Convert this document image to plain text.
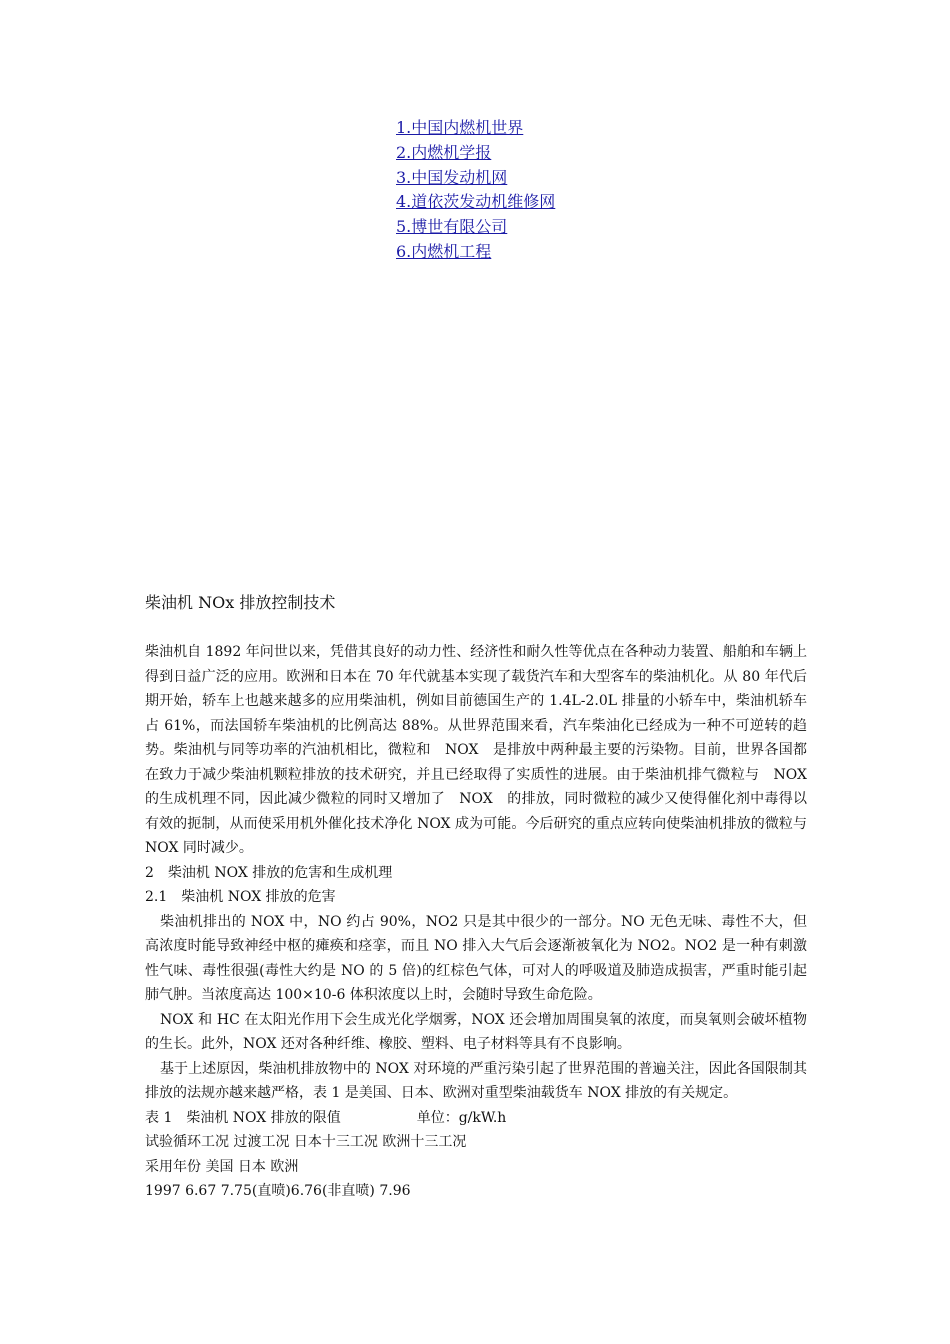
1.中国内燃机世界
2.内燃机学报
3.中国发动机网
4.道依茨发动机维修网
5.博世有限公司
6.内燃机工程
柴油机 NOx 排放控制技术

柴油机自 1892 年问世以来，凭借其良好的动力性、经济性和耐久性等优点在各种动力装置、船舶和车辆上得到日益广泛的应用。欧洲和日本在 70 年代就基本实现了载货汽车和大型客车的柴油机化。从 80 年代后期开始，轿车上也越来越多的应用柴油机，例如目前德国生产的 1.4L-2.0L 排量的小轿车中，柴油机轿车占 61%，而法国轿车柴油机的比例高达 88%。从世界范围来看，汽车柴油化已经成为一种不可逆转的趋势。柴油机与同等功率的汽油机相比，微粒和　NOX　是排放中两种最主要的污染物。目前，世界各国都在致力于减少柴油机颗粒排放的技术研究，并且已经取得了实质性的进展。由于柴油机排气微粒与　NOX　的生成机理不同，因此减少微粒的同时又增加了　NOX　的排放，同时微粒的减少又使得催化剂中毒得以有效的扼制，从而使采用机外催化技术净化 NOX 成为可能。今后研究的重点应转向使柴油机排放的微粒与 NOX 同时减少。

2　柴油机 NOX 排放的危害和生成机理

2.1　柴油机 NOX 排放的危害

柴油机排出的 NOX 中，NO 约占 90%，NO2 只是其中很少的一部分。NO 无色无味、毒性不大，但高浓度时能导致神经中枢的瘫痪和痉挛，而且 NO 排入大气后会逐渐被氧化为 NO2。NO2 是一种有刺激性气味、毒性很强(毒性大约是 NO 的 5 倍)的红棕色气体，可对人的呼吸道及肺造成损害，严重时能引起肺气肿。当浓度高达 100×10-6 体积浓度以上时，会随时导致生命危险。

NOX 和 HC 在太阳光作用下会生成光化学烟雾，NOX 还会增加周围臭氧的浓度，而臭氧则会破坏植物的生长。此外，NOX 还对各种纤维、橡胶、塑料、电子材料等具有不良影响。

基于上述原因，柴油机排放物中的 NOX 对环境的严重污染引起了世界范围的普遍关注，因此各国限制其排放的法规亦越来越严格，表 1 是美国、日本、欧洲对重型柴油载货车 NOX 排放的有关规定。

表 1　柴油机 NOX 排放的限值	单位：g/kW.h
试验循环工况 过渡工况 日本十三工况 欧洲十三工况
采用年份 美国 日本 欧洲
1997 6.67 7.75(直喷)6.76(非直喷) 7.96
